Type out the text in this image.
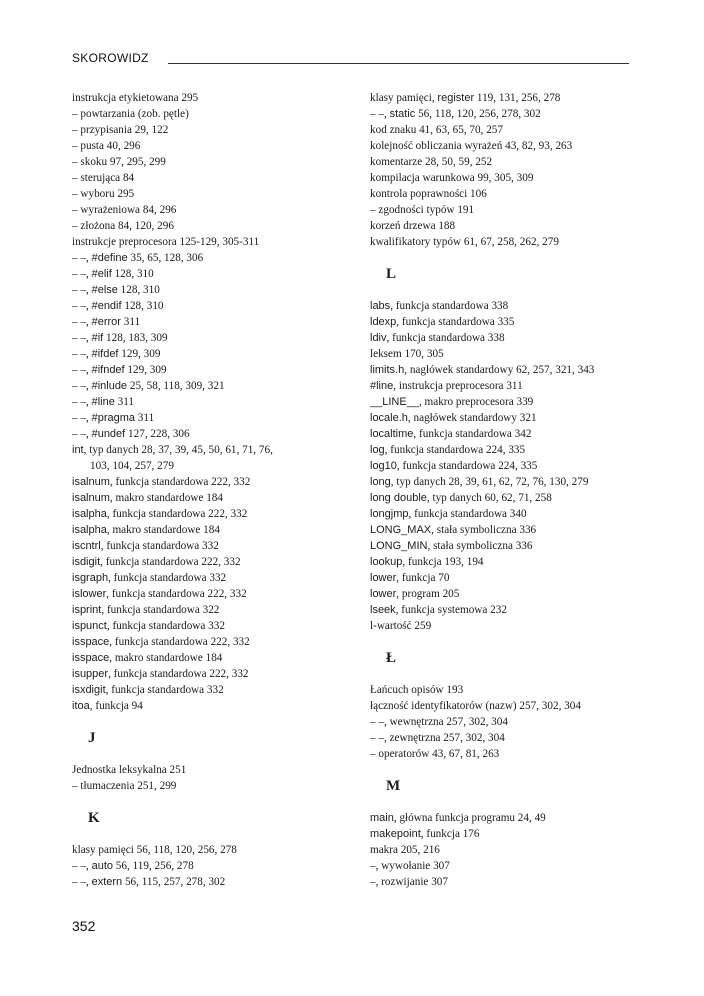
SKOROWIDZ
instrukcja etykietowana 295
– powtarzania (zob. pętle)
– przypisania 29, 122
– pusta 40, 296
– skoku 97, 295, 299
– sterująca 84
– wyboru 295
– wyrażeniowa 84, 296
– złożona 84, 120, 296
instrukcje preprocesora 125-129, 305-311
– –, #define 35, 65, 128, 306
– –, #elif 128, 310
– –, #else 128, 310
– –, #endif 128, 310
– –, #error 311
– –, #if 128, 183, 309
– –, #ifdef 129, 309
– –, #ifndef 129, 309
– –, #inlude 25, 58, 118, 309, 321
– –, #line 311
– –, #pragma 311
– –, #undef 127, 228, 306
int, typ danych 28, 37, 39, 45, 50, 61, 71, 76,
103, 104, 257, 279
isalnum, funkcja standardowa 222, 332
isalnum, makro standardowe 184
isalpha, funkcja standardowa 222, 332
isalpha, makro standardowe 184
iscntrl, funkcja standardowa 332
isdigit, funkcja standardowa 222, 332
isgraph, funkcja standardowa 332
islower, funkcja standardowa 222, 332
isprint, funkcja standardowa 322
ispunct, funkcja standardowa 332
isspace, funkcja standardowa 222, 332
isspace, makro standardowe 184
isupper, funkcja standardowa 222, 332
isxdigit, funkcja standardowa 332
itoa, funkcja 94
J
Jednostka leksykalna 251
– tłumaczenia 251, 299
K
klasy pamięci 56, 118, 120, 256, 278
– –, auto 56, 119, 256, 278
– –, extern 56, 115, 257, 278, 302
klasy pamięci, register 119, 131, 256, 278
– –, static 56, 118, 120, 256, 278, 302
kod znaku 41, 63, 65, 70, 257
kolejność obliczania wyrażeń 43, 82, 93, 263
komentarze 28, 50, 59, 252
kompilacja warunkowa 99, 305, 309
kontrola poprawności 106
– zgodności typów 191
korzeń drzewa 188
kwalifikatory typów 61, 67, 258, 262, 279
L
labs, funkcja standardowa 338
ldexp, funkcja standardowa 335
ldiv, funkcja standardowa 338
leksem 170, 305
limits.h, nagłówek standardowy 62, 257, 321, 343
#line, instrukcja preprocesora 311
__LINE__, makro preprocesora 339
locale.h, nagłówek standardowy 321
localtime, funkcja standardowa 342
log, funkcja standardowa 224, 335
log10, funkcja standardowa 224, 335
long, typ danych 28, 39, 61, 62, 72, 76, 130, 279
long double, typ danych 60, 62, 71, 258
longjmp, funkcja standardowa 340
LONG_MAX, stała symboliczna 336
LONG_MIN, stała symboliczna 336
lookup, funkcja 193, 194
lower, funkcja 70
lower, program 205
lseek, funkcja systemowa 232
l-wartość 259
Ł
Łańcuch opisów 193
łączność identyfikatorów (nazw) 257, 302, 304
– –, wewnętrzna 257, 302, 304
– –, zewnętrzna 257, 302, 304
– operatorów 43, 67, 81, 263
M
main, główna funkcja programu 24, 49
makepoint, funkcja 176
makra 205, 216
–, wywołanie 307
–, rozwijanie 307
352
